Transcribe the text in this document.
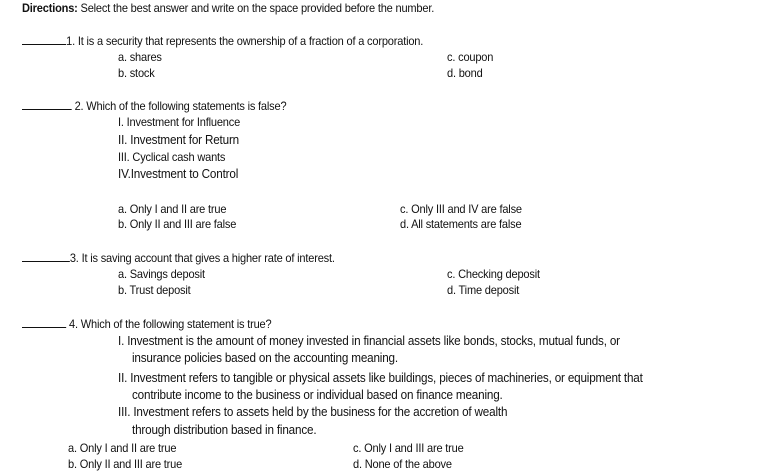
Directions: Select the best answer and write on the space provided before the number.
1. It is a security that represents the ownership of a fraction of a corporation.
a. shares
b. stock
c. coupon
d. bond
2. Which of the following statements is false?
I. Investment for Influence
II. Investment for Return
III. Cyclical cash wants
IV.Investment to Control
a. Only I and II are true
b. Only II and III are false
c. Only III and IV are false
d. All statements are false
3. It is saving account that gives a higher rate of interest.
a. Savings deposit
b. Trust deposit
c. Checking deposit
d. Time deposit
4. Which of the following statement is true?
I. Investment is the amount of money invested in financial assets like bonds, stocks, mutual funds, or
insurance policies based on the accounting meaning.
II. Investment refers to tangible or physical assets like buildings, pieces of machineries, or equipment that
contribute income to the business or individual based on finance meaning.
III. Investment refers to assets held by the business for the accretion of wealth
through distribution based in finance.
a. Only I and II are true
b. Only II and III are true
c. Only I and III are true
d. None of the above
